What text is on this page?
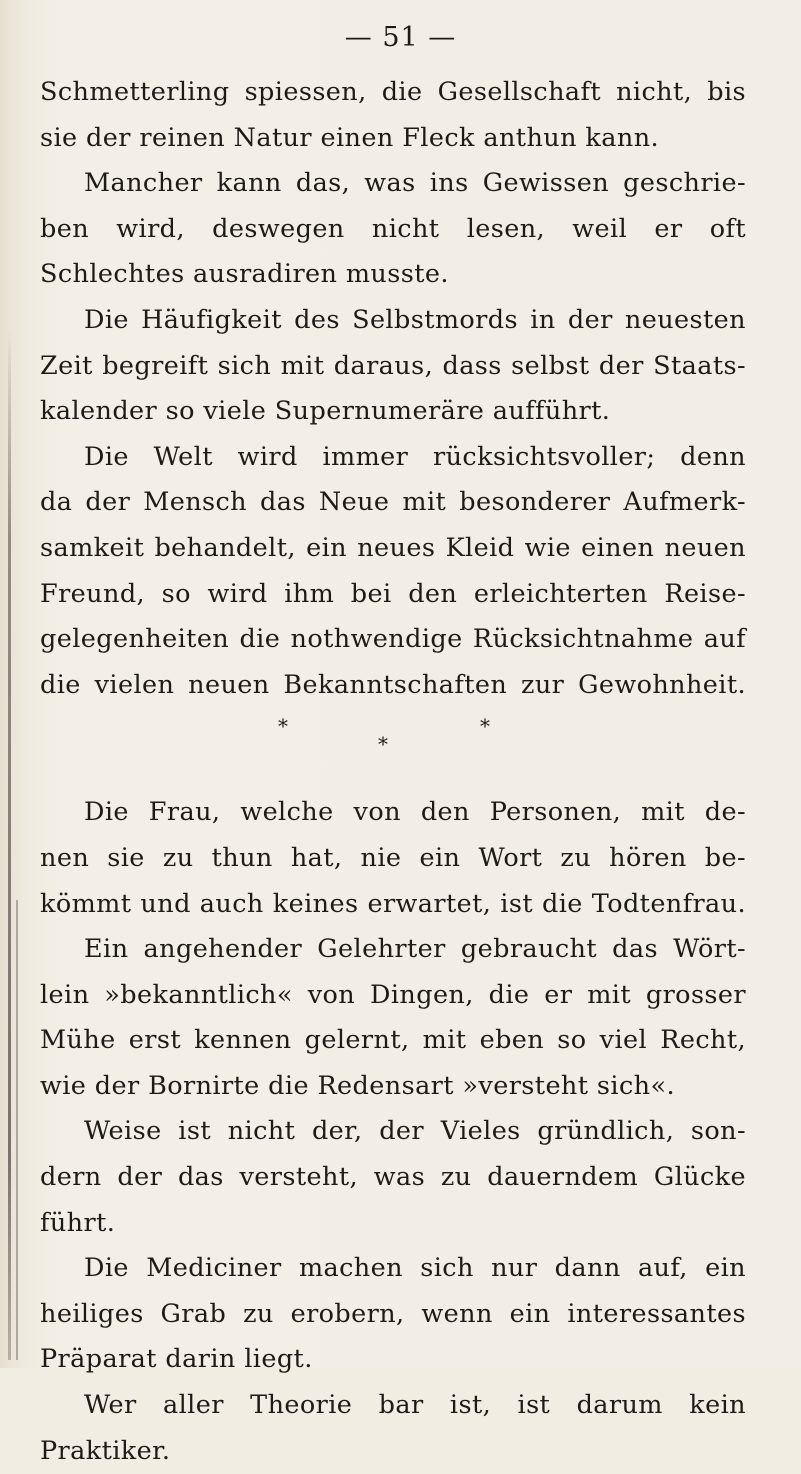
— 51 —
Schmetterling spiessen, die Gesellschaft nicht, bis
sie der reinen Natur einen Fleck anthun kann.
Mancher kann das, was ins Gewissen geschrie-
ben wird, deswegen nicht lesen, weil er oft
Schlechtes ausradiren musste.
Die Häufigkeit des Selbstmords in der neuesten
Zeit begreift sich mit daraus, dass selbst der Staats-
kalender so viele Supernumeräre aufführt.
Die Welt wird immer rücksichtsvoller; denn
da der Mensch das Neue mit besonderer Aufmerk-
samkeit behandelt, ein neues Kleid wie einen neuen
Freund, so wird ihm bei den erleichterten Reise-
gelegenheiten die nothwendige Rücksichtnahme auf
die vielen neuen Bekanntschaften zur Gewohnheit.
*	*
*
Die Frau, welche von den Personen, mit de-
nen sie zu thun hat, nie ein Wort zu hören be-
kömmt und auch keines erwartet, ist die Todtenfrau.
Ein angehender Gelehrter gebraucht das Wört-
lein »bekanntlich« von Dingen, die er mit grosser
Mühe erst kennen gelernt, mit eben so viel Recht,
wie der Bornirte die Redensart »versteht sich«.
Weise ist nicht der, der Vieles gründlich, son-
dern der das versteht, was zu dauerndem Glücke
führt.
Die Mediciner machen sich nur dann auf, ein
heiliges Grab zu erobern, wenn ein interessantes
Präparat darin liegt.
Wer aller Theorie bar ist, ist darum kein
Praktiker.
